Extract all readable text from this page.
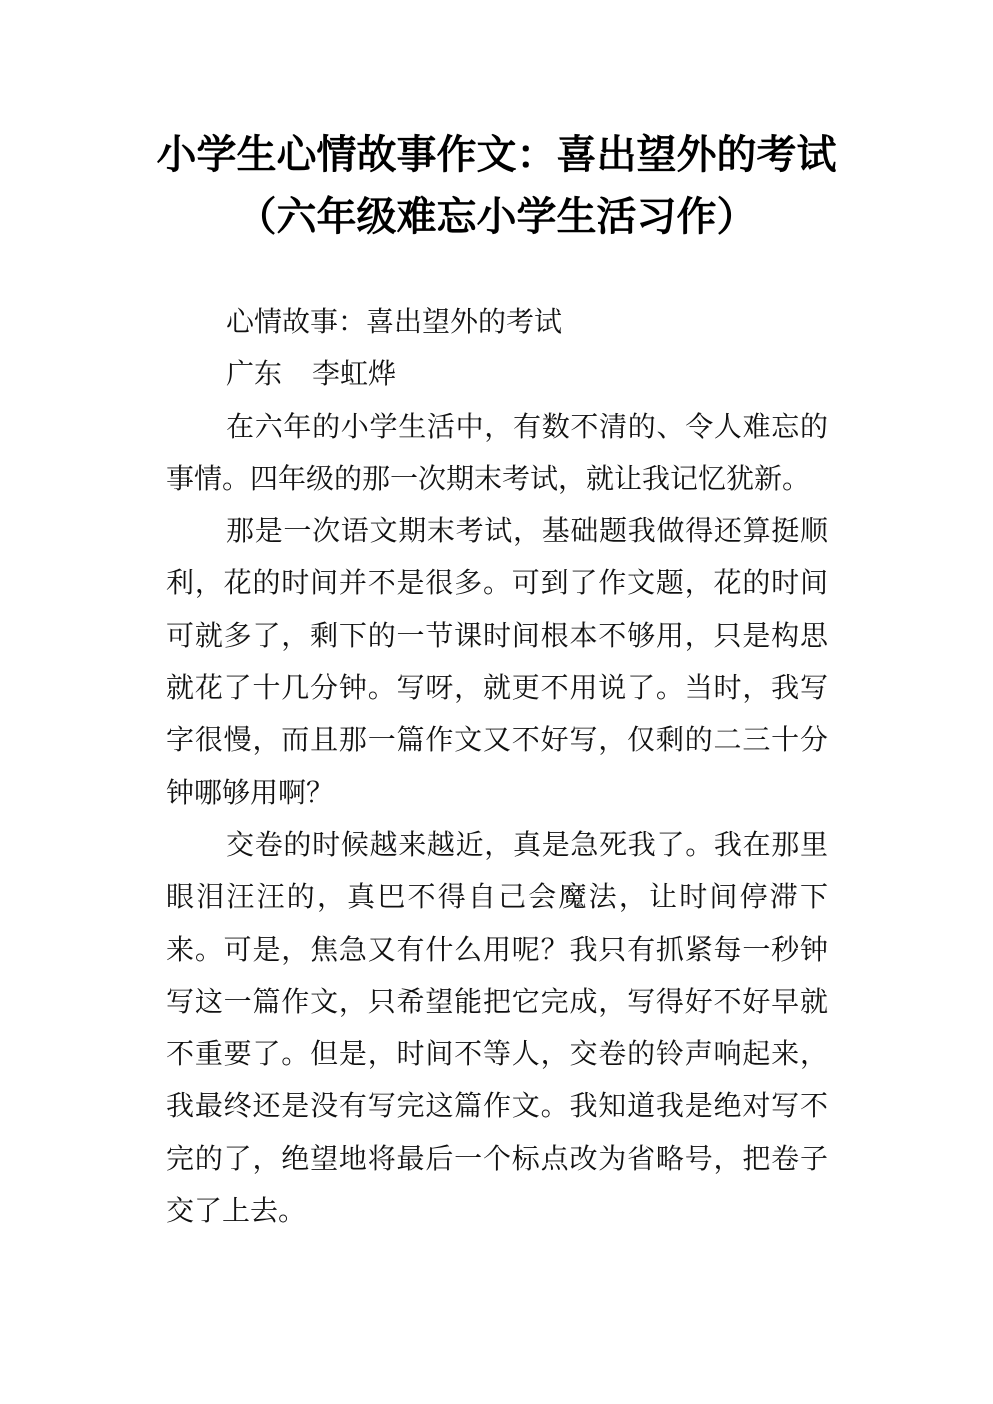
小学生心情故事作文：喜出望外的考试（六年级难忘小学生活习作）

心情故事：喜出望外的考试

广东 李虹烨

在六年的小学生活中，有数不清的、令人难忘的事情。四年级的那一次期末考试，就让我记忆犹新。

那是一次语文期末考试，基础题我做得还算挺顺利，花的时间并不是很多。可到了作文题，花的时间可就多了，剩下的一节课时间根本不够用，只是构思就花了十几分钟。写呀，就更不用说了。当时，我写字很慢，而且那一篇作文又不好写，仅剩的二三十分钟哪够用啊？

交卷的时候越来越近，真是急死我了。我在那里眼泪汪汪的，真巴不得自己会魔法，让时间停滞下来。可是，焦急又有什么用呢？我只有抓紧每一秒钟写这一篇作文，只希望能把它完成，写得好不好早就不重要了。但是，时间不等人，交卷的铃声响起来，我最终还是没有写完这篇作文。我知道我是绝对写不完的了，绝望地将最后一个标点改为省略号，把卷子交了上去。
